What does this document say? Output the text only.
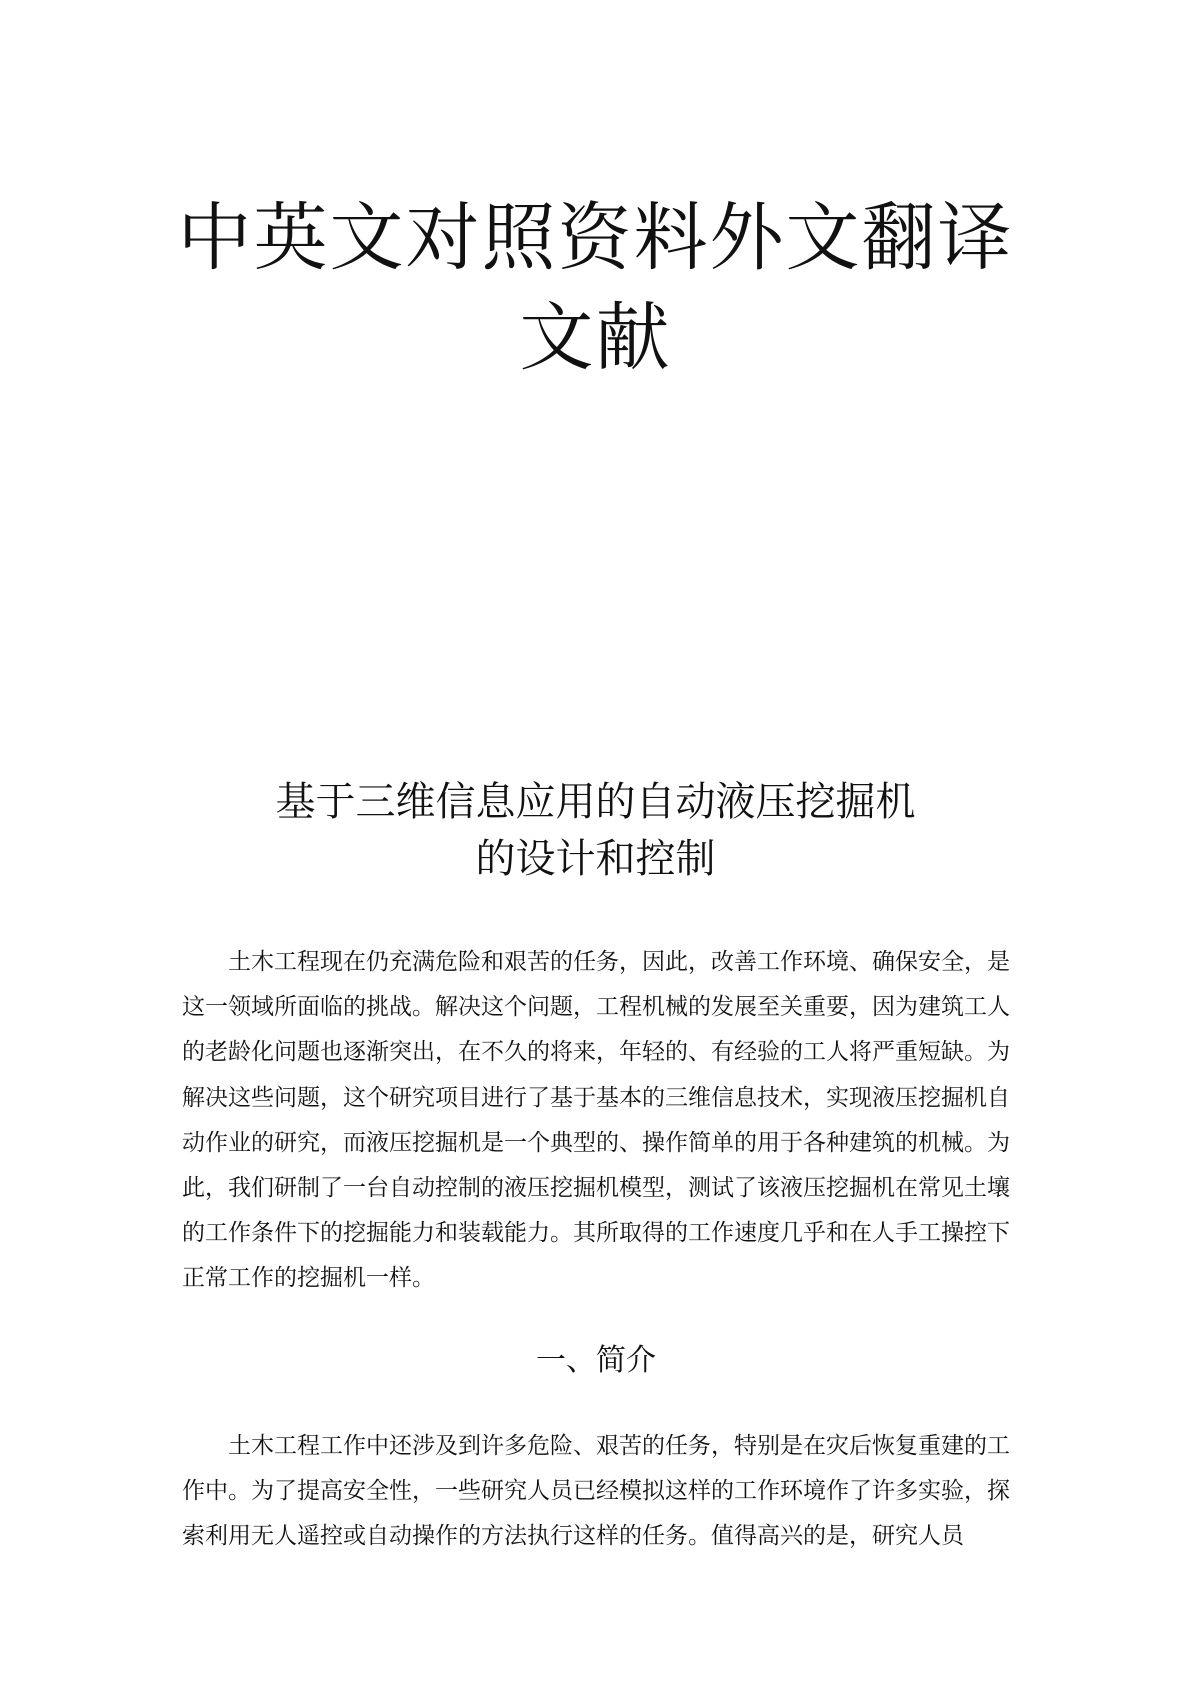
中英文对照资料外文翻译
文献
基于三维信息应用的自动液压挖掘机
的设计和控制

土木工程现在仍充满危险和艰苦的任务，因此，改善工作环境、确保安全，是这一领域所面临的挑战。解决这个问题，工程机械的发展至关重要，因为建筑工人的老龄化问题也逐渐突出，在不久的将来，年轻的、有经验的工人将严重短缺。为解决这些问题，这个研究项目进行了基于基本的三维信息技术，实现液压挖掘机自动作业的研究，而液压挖掘机是一个典型的、操作简单的用于各种建筑的机械。为此，我们研制了一台自动控制的液压挖掘机模型，测试了该液压挖掘机在常见土壤的工作条件下的挖掘能力和装载能力。其所取得的工作速度几乎和在人手工操控下正常工作的挖掘机一样。

一、简介

土木工程工作中还涉及到许多危险、艰苦的任务，特别是在灾后恢复重建的工作中。为了提高安全性，一些研究人员已经模拟这样的工作环境作了许多实验，探索利用无人遥控或自动操作的方法执行这样的任务。值得高兴的是，研究人员
